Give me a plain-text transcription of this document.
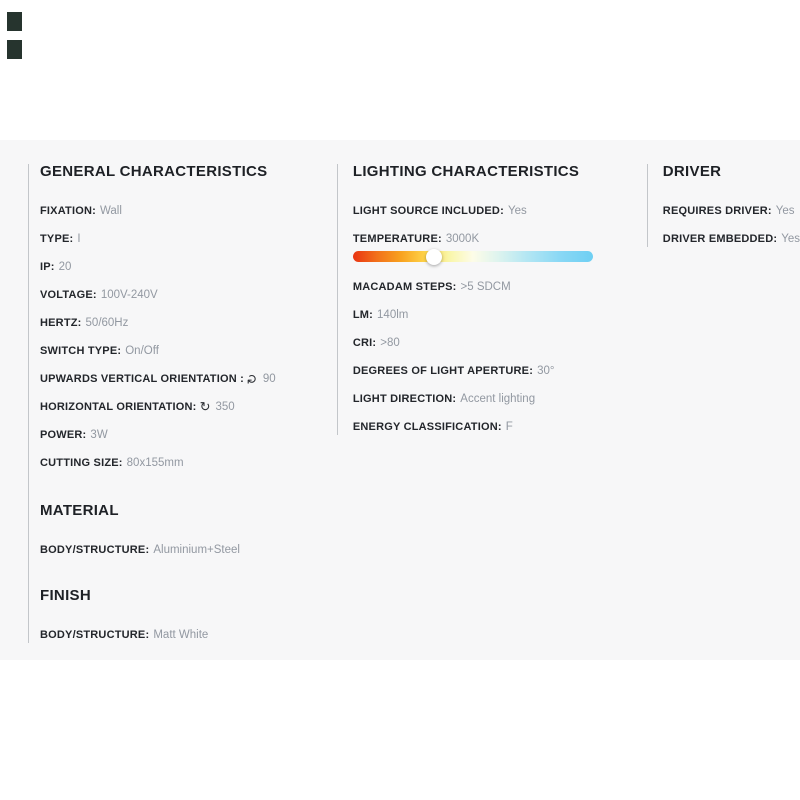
GENERAL CHARACTERISTICS
FIXATION: Wall
TYPE: I
IP: 20
VOLTAGE: 100V-240V
HERTZ: 50/60Hz
SWITCH TYPE: On/Off
UPWARDS VERTICAL ORIENTATION : ↻ 90
HORIZONTAL ORIENTATION: ↻ 350
POWER: 3W
CUTTING SIZE: 80x155mm
MATERIAL
BODY/STRUCTURE: Aluminium+Steel
FINISH
BODY/STRUCTURE: Matt White
LIGHTING CHARACTERISTICS
LIGHT SOURCE INCLUDED: Yes
TEMPERATURE: 3000K
MACADAM STEPS: >5 SDCM
LM: 140lm
CRI: >80
DEGREES OF LIGHT APERTURE: 30°
LIGHT DIRECTION: Accent lighting
ENERGY CLASSIFICATION: F
DRIVER
REQUIRES DRIVER: Yes
DRIVER EMBEDDED: Yes
